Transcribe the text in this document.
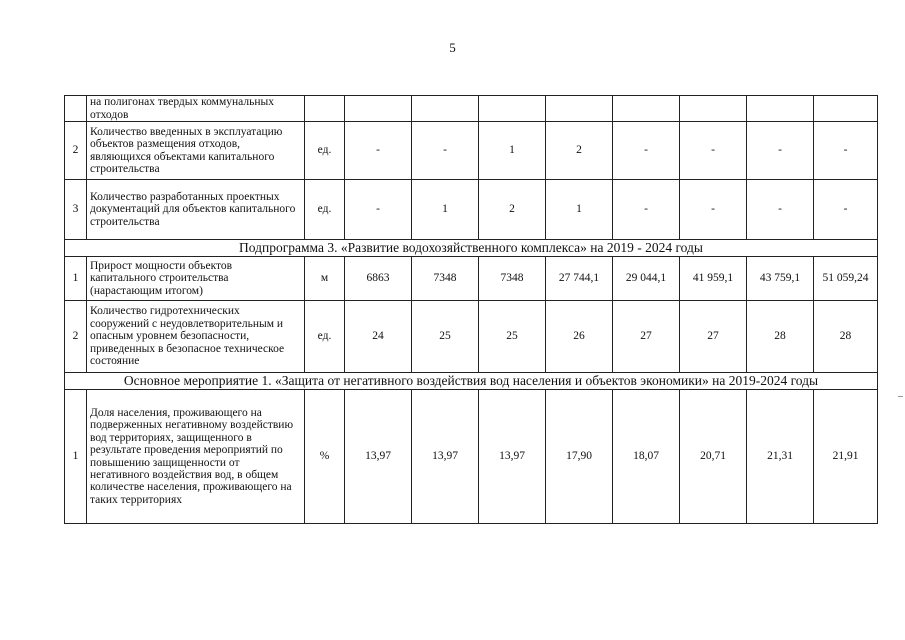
5
	на полигонах твердых коммунальных отходов									
2	Количество введенных в эксплуатацию объектов размещения отходов, являющихся объектами капитального строительства	ед.	-	-	1	2	-	-	-	-
3	Количество разработанных проектных документаций для объектов капитального строительства	ед.	-	1	2	1	-	-	-	-
Подпрограмма 3. «Развитие водохозяйственного комплекса» на 2019 - 2024 годы										
1	Прирост мощности объектов капитального строительства (нарастающим итогом)	м	6863	7348	7348	27 744,1	29 044,1	41 959,1	43 759,1	51 059,24
2	Количество гидротехнических сооружений с неудовлетворительным и опасным уровнем безопасности, приведенных в безопасное техническое состояние	ед.	24	25	25	26	27	27	28	28
Основное мероприятие 1. «Защита от негативного воздействия вод населения и объектов экономики» на 2019-2024 годы										
1	Доля населения, проживающего на подверженных негативному воздействию вод территориях, защищенного в результате проведения мероприятий по повышению защищенности от негативного воздействия вод, в общем количестве населения, проживающего на таких территориях	%	13,97	13,97	13,97	17,90	18,07	20,71	21,31	21,91
